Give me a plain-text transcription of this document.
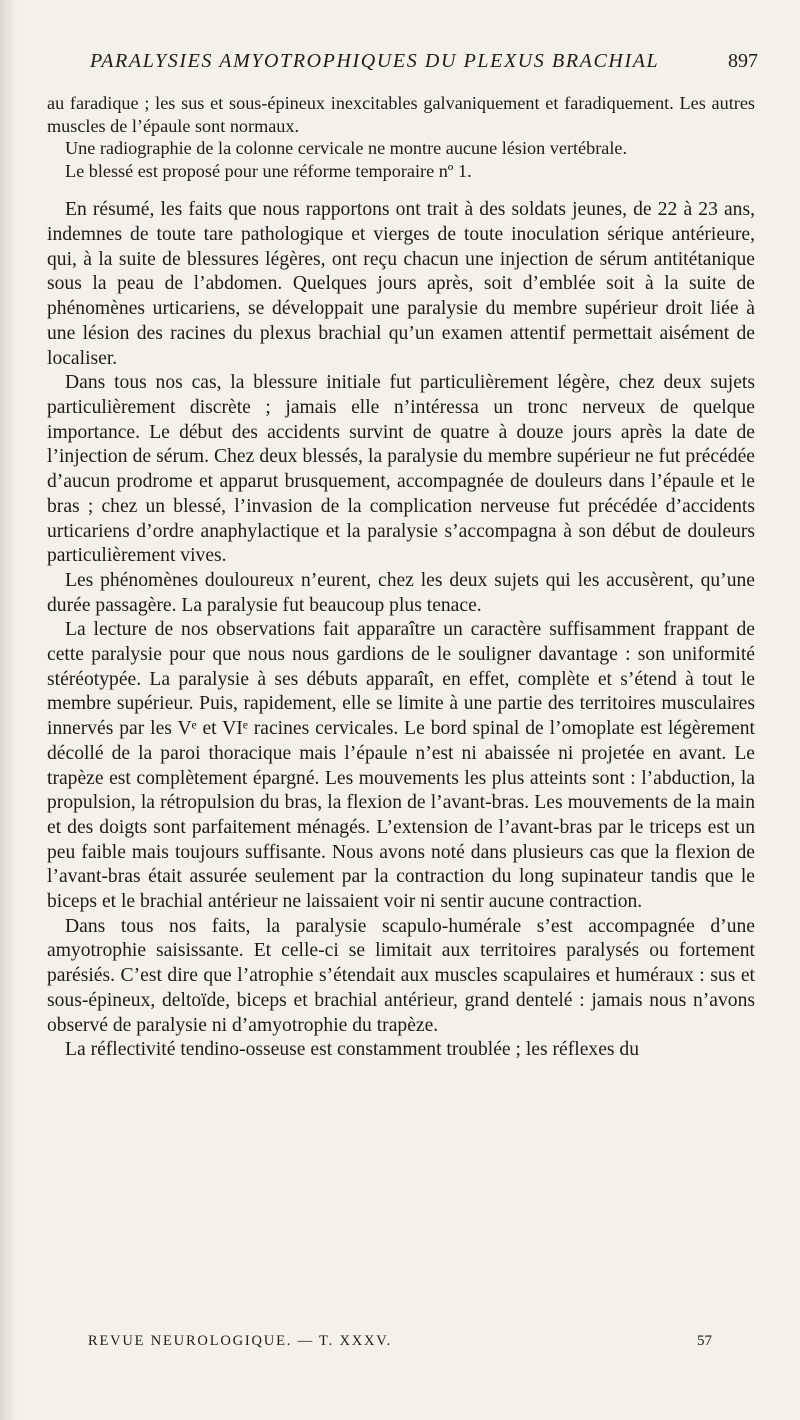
PARALYSIES AMYOTROPHIQUES DU PLEXUS BRACHIAL	897

au faradique ; les sus et sous-épineux inexcitables galvaniquement et faradiquement. Les autres muscles de l’épaule sont normaux.

Une radiographie de la colonne cervicale ne montre aucune lésion vertébrale.

Le blessé est proposé pour une réforme temporaire nº 1.

En résumé, les faits que nous rapportons ont trait à des soldats jeunes, de 22 à 23 ans, indemnes de toute tare pathologique et vierges de toute inoculation sérique antérieure, qui, à la suite de blessures légères, ont reçu chacun une injection de sérum antitétanique sous la peau de l’abdomen. Quelques jours après, soit d’emblée soit à la suite de phénomènes urticariens, se développait une paralysie du membre supérieur droit liée à une lésion des racines du plexus brachial qu’un examen attentif permettait aisément de localiser.

Dans tous nos cas, la blessure initiale fut particulièrement légère, chez deux sujets particulièrement discrète ; jamais elle n’intéressa un tronc nerveux de quelque importance. Le début des accidents survint de quatre à douze jours après la date de l’injection de sérum. Chez deux blessés, la paralysie du membre supérieur ne fut précédée d’aucun prodrome et apparut brusquement, accompagnée de douleurs dans l’épaule et le bras ; chez un blessé, l’invasion de la complication nerveuse fut précédée d’accidents urticariens d’ordre anaphylactique et la paralysie s’accompagna à son début de douleurs particulièrement vives.

Les phénomènes douloureux n’eurent, chez les deux sujets qui les accusèrent, qu’une durée passagère. La paralysie fut beaucoup plus tenace.

La lecture de nos observations fait apparaître un caractère suffisamment frappant de cette paralysie pour que nous nous gardions de le souligner davantage : son uniformité stéréotypée. La paralysie à ses débuts apparaît, en effet, complète et s’étend à tout le membre supérieur. Puis, rapidement, elle se limite à une partie des territoires musculaires innervés par les Vᵉ et VIᵉ racines cervicales. Le bord spinal de l’omoplate est légèrement décollé de la paroi thoracique mais l’épaule n’est ni abaissée ni projetée en avant. Le trapèze est complètement épargné. Les mouvements les plus atteints sont : l’abduction, la propulsion, la rétropulsion du bras, la flexion de l’avant-bras. Les mouvements de la main et des doigts sont parfaitement ménagés. L’extension de l’avant-bras par le triceps est un peu faible mais toujours suffisante. Nous avons noté dans plusieurs cas que la flexion de l’avant-bras était assurée seulement par la contraction du long supinateur tandis que le biceps et le brachial antérieur ne laissaient voir ni sentir aucune contraction.

Dans tous nos faits, la paralysie scapulo-humérale s’est accompagnée d’une amyotrophie saisissante. Et celle-ci se limitait aux territoires paralysés ou fortement parésiés. C’est dire que l’atrophie s’étendait aux muscles scapulaires et huméraux : sus et sous-épineux, deltoïde, biceps et brachial antérieur, grand dentelé : jamais nous n’avons observé de paralysie ni d’amyotrophie du trapèze.

La réflectivité tendino-osseuse est constamment troublée ; les réflexes du

REVUE NEUROLOGIQUE. — T. XXXV.	57
